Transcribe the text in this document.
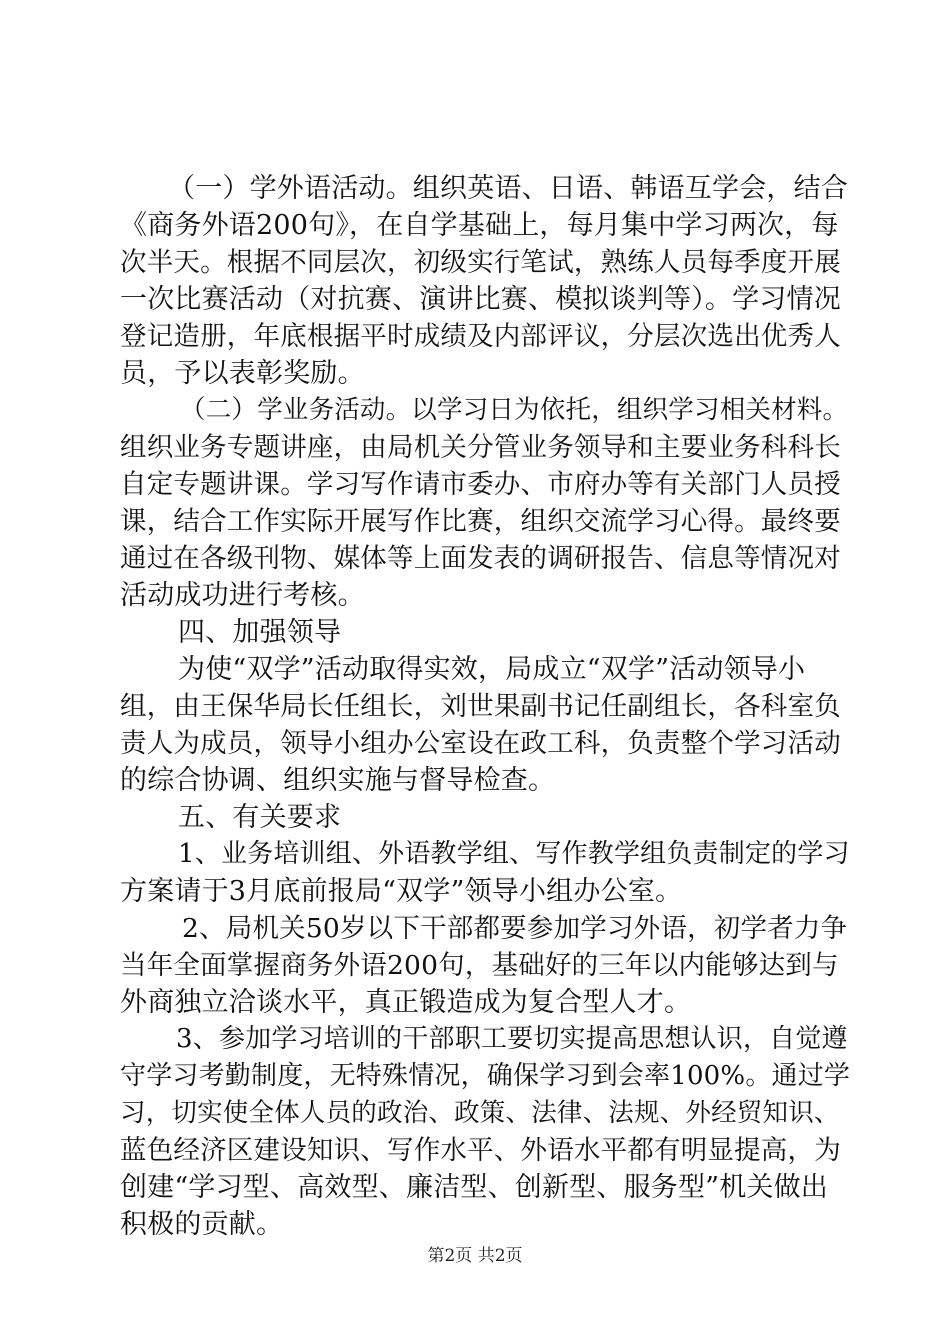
（一）学外语活动。组织英语、日语、韩语互学会，结合
《商务外语200句》，在自学基础上，每月集中学习两次，每
次半天。根据不同层次，初级实行笔试，熟练人员每季度开展
一次比赛活动（对抗赛、演讲比赛、模拟谈判等）。学习情况
登记造册，年底根据平时成绩及内部评议，分层次选出优秀人
员，予以表彰奖励。
（二）学业务活动。以学习日为依托，组织学习相关材料。
组织业务专题讲座，由局机关分管业务领导和主要业务科科长
自定专题讲课。学习写作请市委办、市府办等有关部门人员授
课，结合工作实际开展写作比赛，组织交流学习心得。最终要
通过在各级刊物、媒体等上面发表的调研报告、信息等情况对
活动成功进行考核。
四、加强领导
为使“双学”活动取得实效，局成立“双学”活动领导小
组，由王保华局长任组长，刘世果副书记任副组长，各科室负
责人为成员，领导小组办公室设在政工科，负责整个学习活动
的综合协调、组织实施与督导检查。
五、有关要求
1、业务培训组、外语教学组、写作教学组负责制定的学习
方案请于3月底前报局“双学”领导小组办公室。
2、局机关50岁以下干部都要参加学习外语，初学者力争
当年全面掌握商务外语200句，基础好的三年以内能够达到与
外商独立洽谈水平，真正锻造成为复合型人才。
3、参加学习培训的干部职工要切实提高思想认识，自觉遵
守学习考勤制度，无特殊情况，确保学习到会率100%。通过学
习，切实使全体人员的政治、政策、法律、法规、外经贸知识、
蓝色经济区建设知识、写作水平、外语水平都有明显提高，为
创建“学习型、高效型、廉洁型、创新型、服务型”机关做出
积极的贡献。
第2页 共2页
